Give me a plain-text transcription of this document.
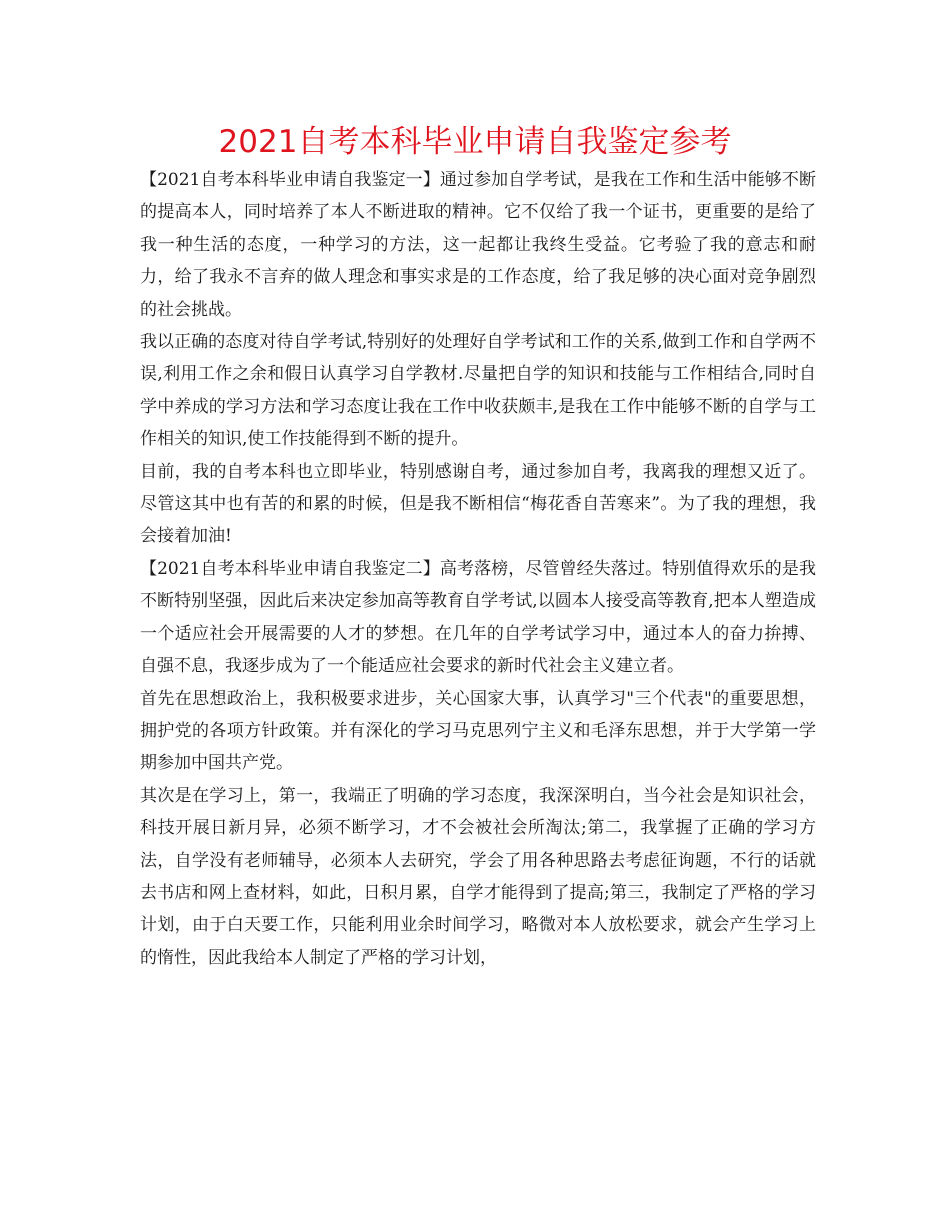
2021自考本科毕业申请自我鉴定参考

【2021自考本科毕业申请自我鉴定一】通过参加自学考试，是我在工作和生活中能够不断的提高本人，同时培养了本人不断进取的精神。它不仅给了我一个证书，更重要的是给了我一种生活的态度，一种学习的方法，这一起都让我终生受益。它考验了我的意志和耐力，给了我永不言弃的做人理念和事实求是的工作态度，给了我足够的决心面对竞争剧烈的社会挑战。

我以正确的态度对待自学考试,特别好的处理好自学考试和工作的关系,做到工作和自学两不误,利用工作之余和假日认真学习自学教材.尽量把自学的知识和技能与工作相结合,同时自学中养成的学习方法和学习态度让我在工作中收获颇丰,是我在工作中能够不断的自学与工作相关的知识,使工作技能得到不断的提升。

目前，我的自考本科也立即毕业，特别感谢自考，通过参加自考，我离我的理想又近了。尽管这其中也有苦的和累的时候，但是我不断相信“梅花香自苦寒来”。为了我的理想，我会接着加油!

【2021自考本科毕业申请自我鉴定二】高考落榜，尽管曾经失落过。特别值得欢乐的是我不断特别坚强，因此后来决定参加高等教育自学考试,以圆本人接受高等教育,把本人塑造成一个适应社会开展需要的人才的梦想。在几年的自学考试学习中，通过本人的奋力拚搏、自强不息，我逐步成为了一个能适应社会要求的新时代社会主义建立者。

首先在思想政治上，我积极要求进步，关心国家大事，认真学习"三个代表"的重要思想，拥护党的各项方针政策。并有深化的学习马克思列宁主义和毛泽东思想，并于大学第一学期参加中国共产党。

其次是在学习上，第一，我端正了明确的学习态度，我深深明白，当今社会是知识社会，科技开展日新月异，必须不断学习，才不会被社会所淘汰;第二，我掌握了正确的学习方法，自学没有老师辅导，必须本人去研究，学会了用各种思路去考虑征询题，不行的话就去书店和网上查材料，如此，日积月累，自学才能得到了提高;第三，我制定了严格的学习计划，由于白天要工作，只能利用业余时间学习，略微对本人放松要求，就会产生学习上的惰性，因此我给本人制定了严格的学习计划，
